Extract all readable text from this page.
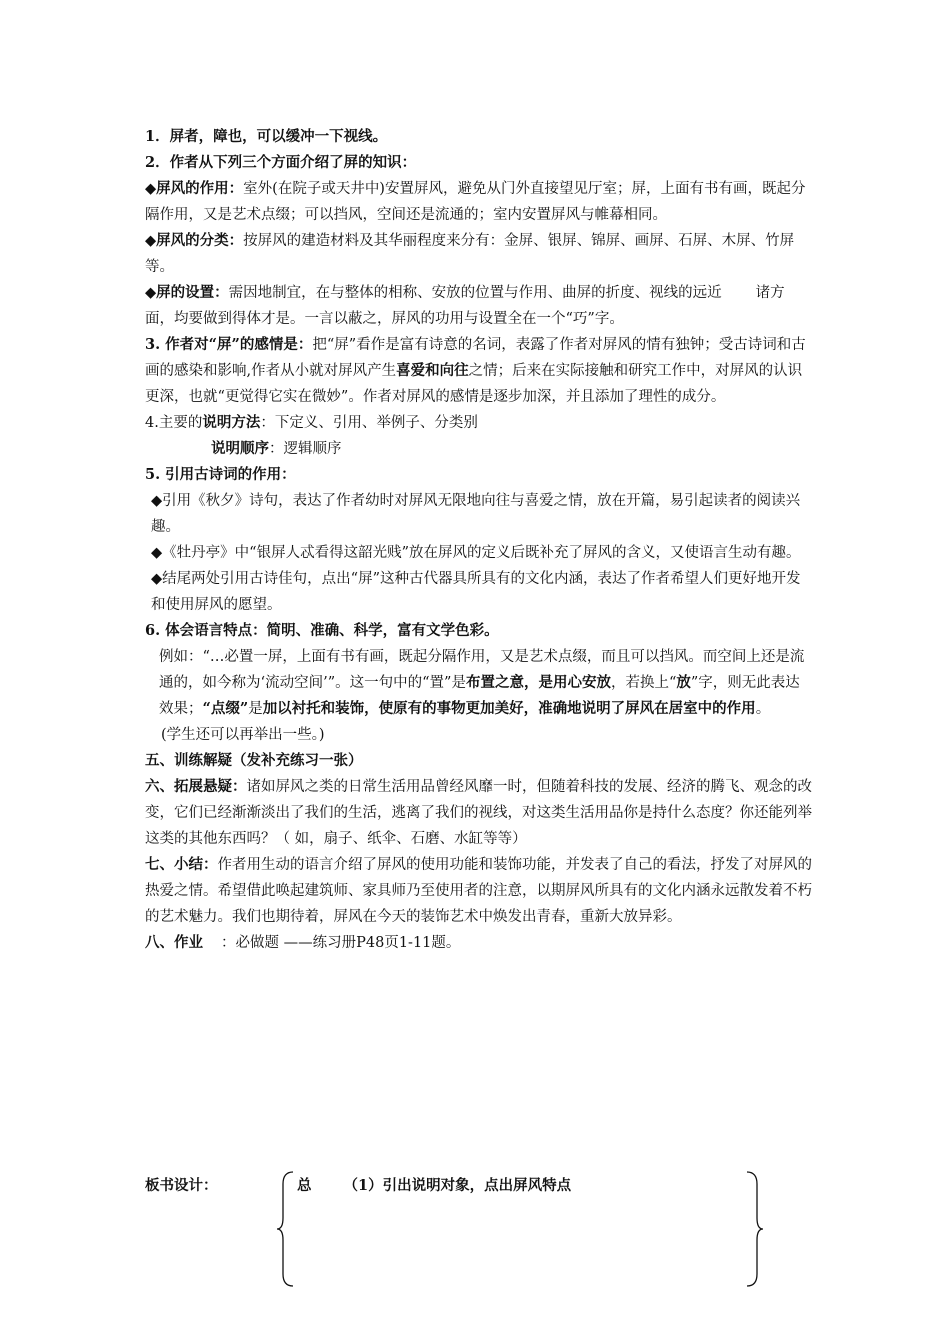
1．屏者，障也，可以缓冲一下视线。

2．作者从下列三个方面介绍了屏的知识：

◆屏风的作用：室外(在院子或天井中)安置屏风，避免从门外直接望见厅室；屏，上面有书有画，既起分隔作用，又是艺术点缀；可以挡风，空间还是流通的；室内安置屏风与帷幕相同。

◆屏风的分类：按屏风的建造材料及其华丽程度来分有：金屏、银屏、锦屏、画屏、石屏、木屏、竹屏等。

◆屏的设置：需因地制宜，在与整体的相称、安放的位置与作用、曲屏的折度、视线的远近 诸方面，均要做到得体才是。一言以蔽之，屏风的功用与设置全在一个“巧”字。

3. 作者对“屏”的感情是：把“屏”看作是富有诗意的名词，表露了作者对屏风的情有独钟；受古诗词和古画的感染和影响,作者从小就对屏风产生喜爱和向往之情；后来在实际接触和研究工作中，对屏风的认识更深，也就“更觉得它实在微妙”。作者对屏风的感情是逐步加深，并且添加了理性的成分。

4.主要的说明方法：下定义、引用、举例子、分类别

说明顺序：逻辑顺序

5. 引用古诗词的作用：

◆引用《秋夕》诗句，表达了作者幼时对屏风无限地向往与喜爱之情，放在开篇，易引起读者的阅读兴趣。

◆《牡丹亭》中“银屏人忒看得这韶光贱”放在屏风的定义后既补充了屏风的含义，又使语言生动有趣。

◆结尾两处引用古诗佳句，点出“屏”这种古代器具所具有的文化内涵，表达了作者希望人们更好地开发和使用屏风的愿望。

6. 体会语言特点：简明、准确、科学，富有文学色彩。

例如：“…必置一屏，上面有书有画，既起分隔作用，又是艺术点缀，而且可以挡风。而空间上还是流通的，如今称为‘流动空间’”。这一句中的“置”是布置之意，是用心安放，若换上“放”字，则无此表达效果；“点缀”是加以衬托和装饰，使原有的事物更加美好，准确地说明了屏风在居室中的作用。

(学生还可以再举出一些。)

五、训练解疑（发补充练习一张）

六、拓展悬疑：诸如屏风之类的日常生活用品曾经风靡一时，但随着科技的发展、经济的腾飞、观念的改变，它们已经渐渐淡出了我们的生活，逃离了我们的视线，对这类生活用品你是持什么态度？你还能列举这类的其他东西吗？（ 如，扇子、纸伞、石磨、水缸等等）

七、小结：作者用生动的语言介绍了屏风的使用功能和装饰功能，并发表了自己的看法，抒发了对屏风的热爱之情。希望借此唤起建筑师、家具师乃至使用者的注意，以期屏风所具有的文化内涵永远散发着不朽的艺术魅力。我们也期待着，屏风在今天的装饰艺术中焕发出青春，重新大放异彩。

八、作业 ：必做题 ——练习册P48页1-11题。

板书设计：	总 （1）引出说明对象，点出屏风特点
